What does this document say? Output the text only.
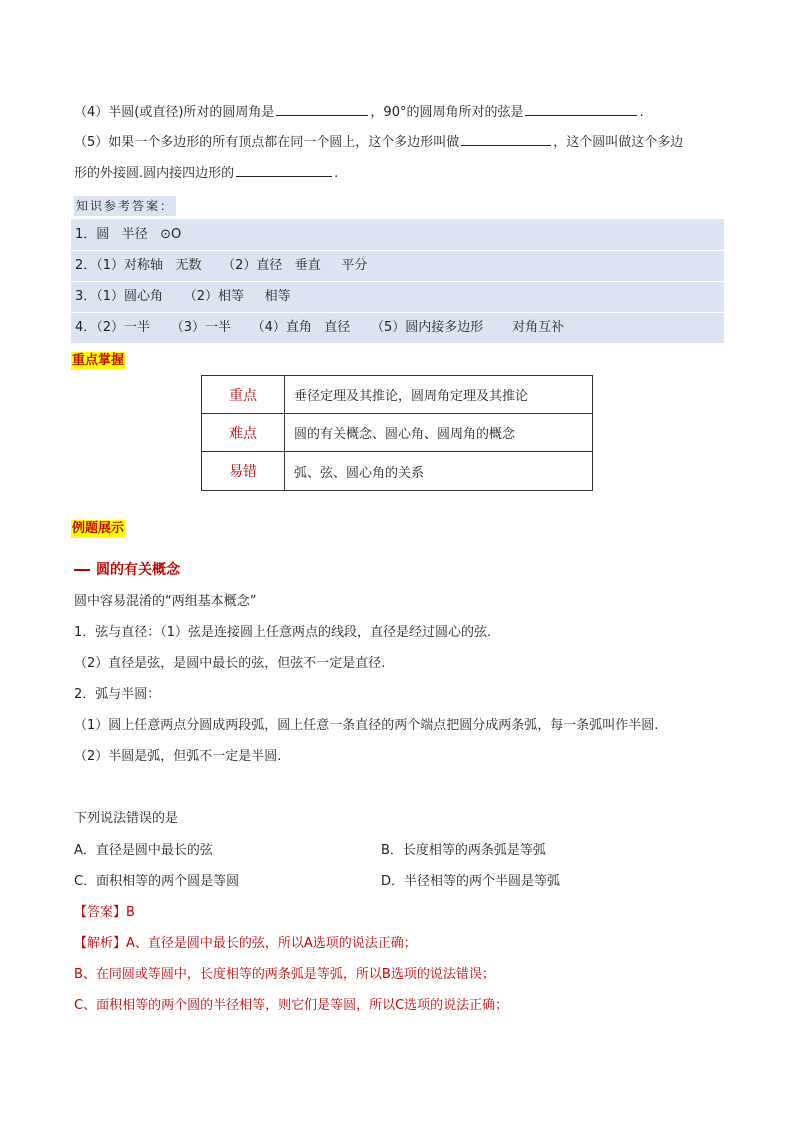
（4）半圆(或直径)所对的圆周角是	，90°的圆周角所对的弦是	.
（5）如果一个多边形的所有顶点都在同一个圆上，这个多边形叫做	，这个圆叫做这个多边
形的外接圆.圆内接四边形的	.
知识参考答案：
1．圆   半径   ⊙O
2．（1）对称轴   无数     （2）直径   垂直     平分
3．（1）圆心角     （2）相等     相等
4．（2）一半     （3）一半     （4）直角   直径     （5）圆内接多边形       对角互补
重点掌握
重点	垂径定理及其推论，圆周角定理及其推论
难点	圆的有关概念、圆心角、圆周角的概念
易错	弧、弦、圆心角的关系
例题展示
圆的有关概念
圆中容易混淆的“两组基本概念”
1．弦与直径：（1）弦是连接圆上任意两点的线段，直径是经过圆心的弦.
（2）直径是弦，是圆中最长的弦，但弦不一定是直径.
2．弧与半圆：
（1）圆上任意两点分圆成两段弧，圆上任意一条直径的两个端点把圆分成两条弧，每一条弧叫作半圆.
（2）半圆是弧，但弧不一定是半圆.
下列说法错误的是
A．直径是圆中最长的弦	B．长度相等的两条弧是等弧
C．面积相等的两个圆是等圆	D．半径相等的两个半圆是等弧
【答案】B
【解析】A、直径是圆中最长的弦，所以A选项的说法正确；
B、在同圆或等圆中，长度相等的两条弧是等弧，所以B选项的说法错误；
C、面积相等的两个圆的半径相等，则它们是等圆，所以C选项的说法正确；
